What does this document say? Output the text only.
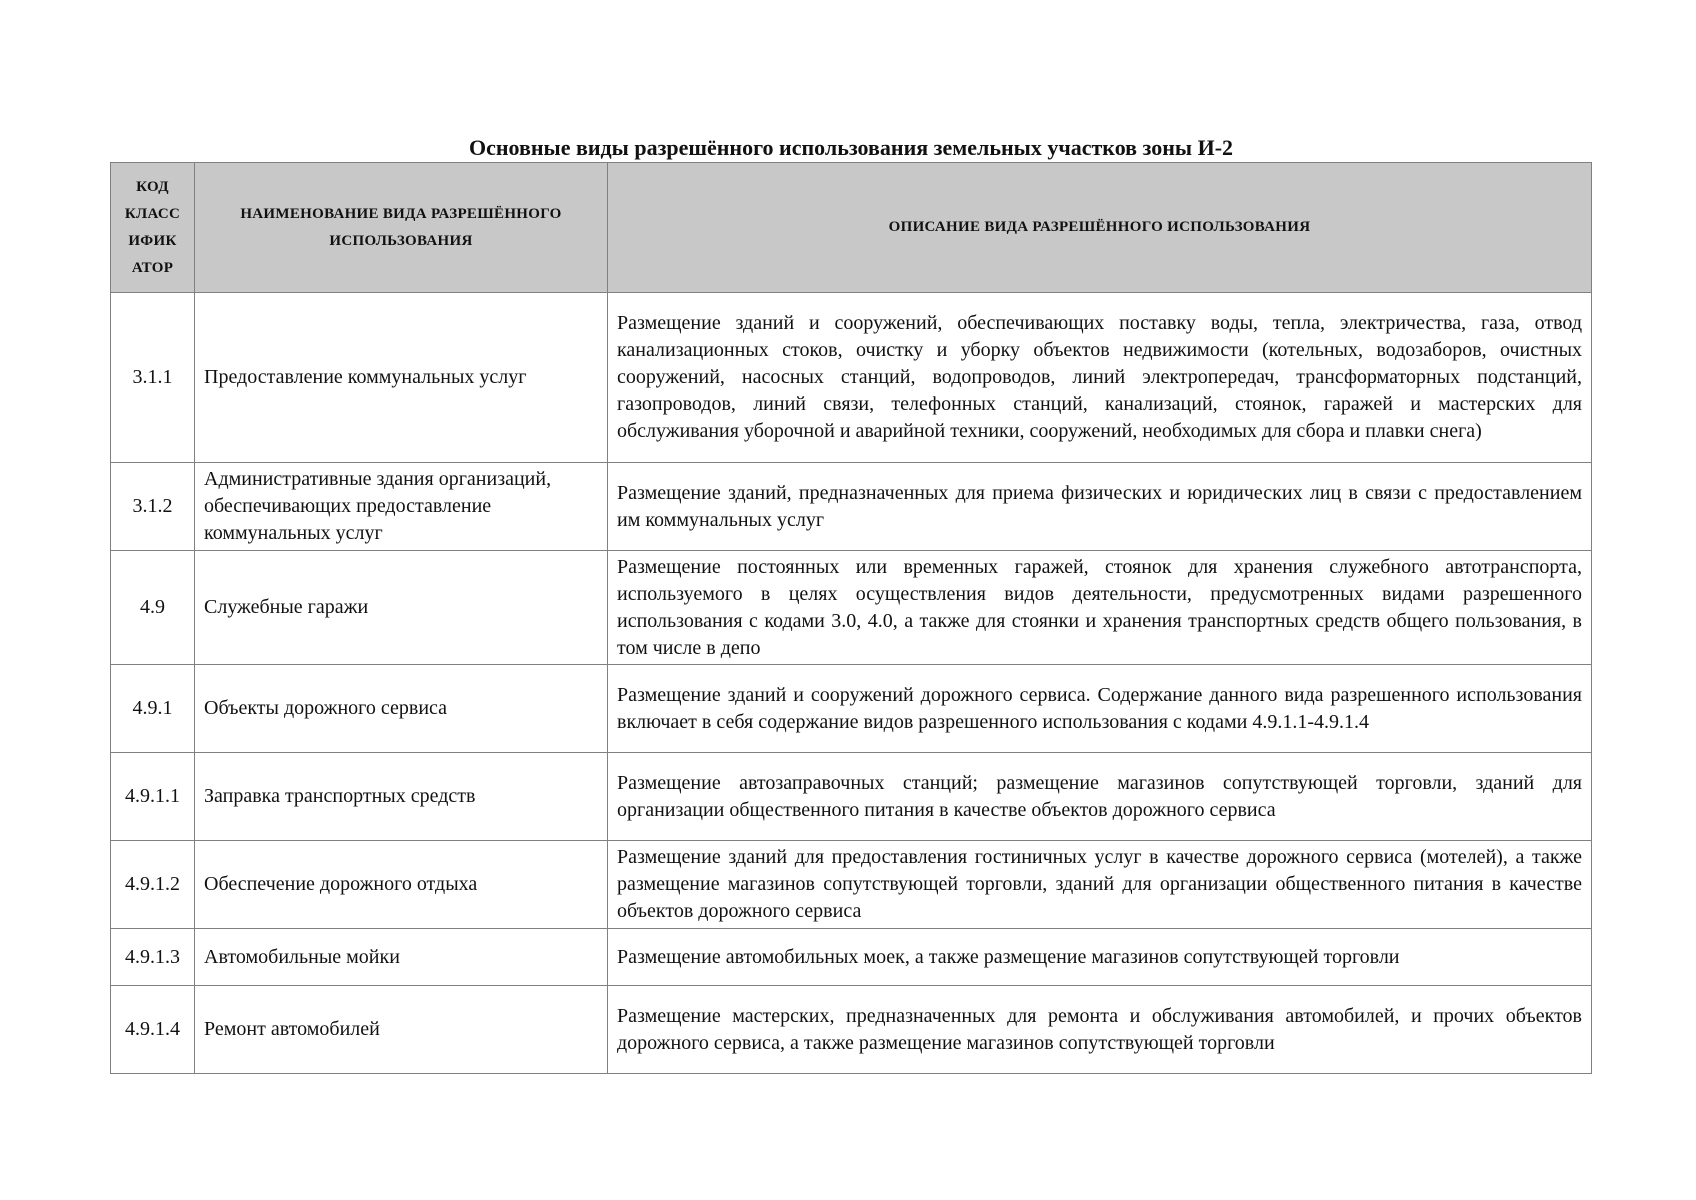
Основные виды разрешённого использования земельных участков зоны И-2
КОД КЛАСС ИФИК АТОР	НАИМЕНОВАНИЕ ВИДА РАЗРЕШЁННОГО ИСПОЛЬЗОВАНИЯ	ОПИСАНИЕ ВИДА РАЗРЕШЁННОГО ИСПОЛЬЗОВАНИЯ
3.1.1	Предоставление коммунальных услуг	Размещение зданий и сооружений, обеспечивающих поставку воды, тепла, электричества, газа, отвод канализационных стоков, очистку и уборку объектов недвижимости (котельных, водозаборов, очистных сооружений, насосных станций, водопроводов, линий электропередач, трансформаторных подстанций, газопроводов, линий связи, телефонных станций, канализаций, стоянок, гаражей и мастерских для обслуживания уборочной и аварийной техники, сооружений, необходимых для сбора и плавки снега)
3.1.2	Административные здания организаций, обеспечивающих предоставление коммунальных услуг	Размещение зданий, предназначенных для приема физических и юридических лиц в связи с предоставлением им коммунальных услуг
4.9	Служебные гаражи	Размещение постоянных или временных гаражей, стоянок для хранения служебного автотранспорта, используемого в целях осуществления видов деятельности, предусмотренных видами разрешенного использования с кодами 3.0, 4.0, а также для стоянки и хранения транспортных средств общего пользования, в том числе в депо
4.9.1	Объекты дорожного сервиса	Размещение зданий и сооружений дорожного сервиса. Содержание данного вида разрешенного использования включает в себя содержание видов разрешенного использования с кодами 4.9.1.1-4.9.1.4
4.9.1.1	Заправка транспортных средств	Размещение автозаправочных станций; размещение магазинов сопутствующей торговли, зданий для организации общественного питания в качестве объектов дорожного сервиса
4.9.1.2	Обеспечение дорожного отдыха	Размещение зданий для предоставления гостиничных услуг в качестве дорожного сервиса (мотелей), а также размещение магазинов сопутствующей торговли, зданий для организации общественного питания в качестве объектов дорожного сервиса
4.9.1.3	Автомобильные мойки	Размещение автомобильных моек, а также размещение магазинов сопутствующей торговли
4.9.1.4	Ремонт автомобилей	Размещение мастерских, предназначенных для ремонта и обслуживания автомобилей, и прочих объектов дорожного сервиса, а также размещение магазинов сопутствующей торговли
